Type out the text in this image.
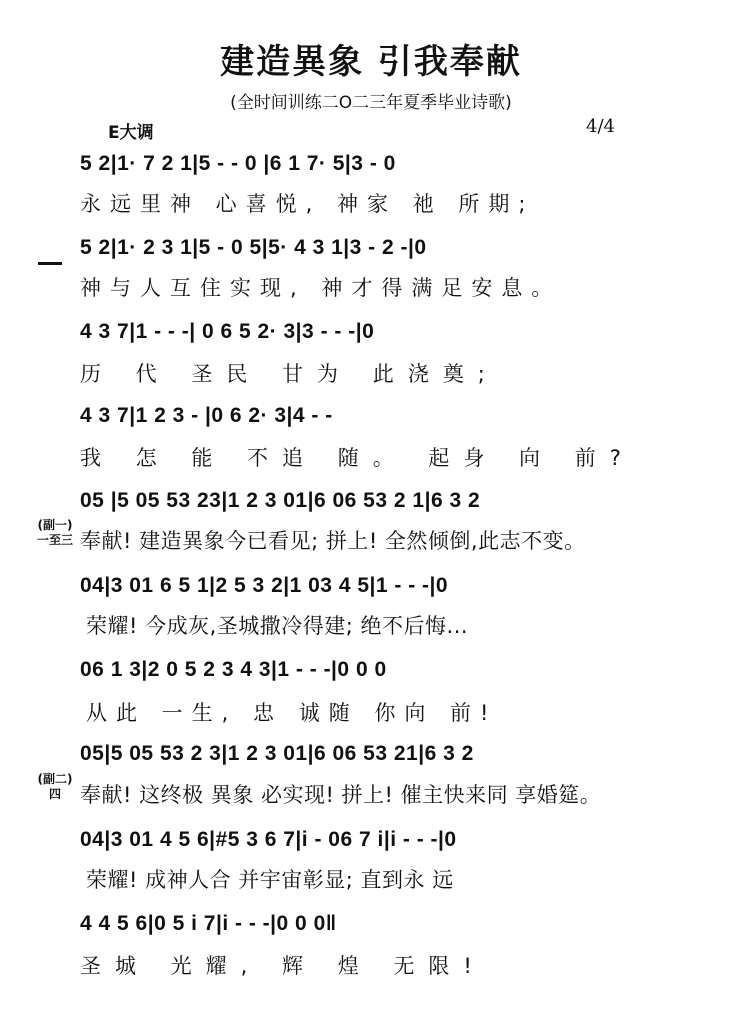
建造異象 引我奉献
(全时间训练二O二三年夏季毕业诗歌)
E大调	4/4
5 2|1· 7 2 1|5 - - 0 |6 1 7· 5|3 - 0
永远里神 心喜悦, 神家 祂 所期;
5 2|1· 2 3 1|5 - 0 5|5· 4 3 1|3 - 2 -|0
神与人互住实现, 神才得满足安息。
4 3 7|1 - - -| 0 6 5 2· 3|3 - - -|0
历 代 圣民 甘为 此浇奠;
4 3 7|1 2 3 - |0 6 2· 3|4 - -
我 怎 能 不追 随。 起身 向 前?
05 |5 05 53 23|1 2 3 01|6 06 53 2 1|6 3 2
(副一)
一至三 奉献! 建造異象今已看见; 拼上! 全然倾倒,此志不变。
04|3 01 6 5 1|2 5 3 2|1 03 4 5|1 - - -|0
荣耀! 今成灰,圣城撒冷得建; 绝不后悔...
06 1 3|2 0 5 2 3 4 3|1 - - -|0 0 0
从此 一生, 忠 诚随 你向 前!
05|5 05 53 2 3|1 2 3 01|6 06 53 21|6 3 2
(副二)
四 奉献! 这终极 異象 必实现! 拼上! 催主快来同 享婚筵。
04|3 01 4 5 6|#5 3 6 7|i - 06 7 i|i - - -|0
荣耀! 成神人合 并宇宙彰显; 直到永 远
4 4 5 6|0 5 i 7|i - - -|0 0 0‖
圣城 光耀, 辉 煌 无限!
